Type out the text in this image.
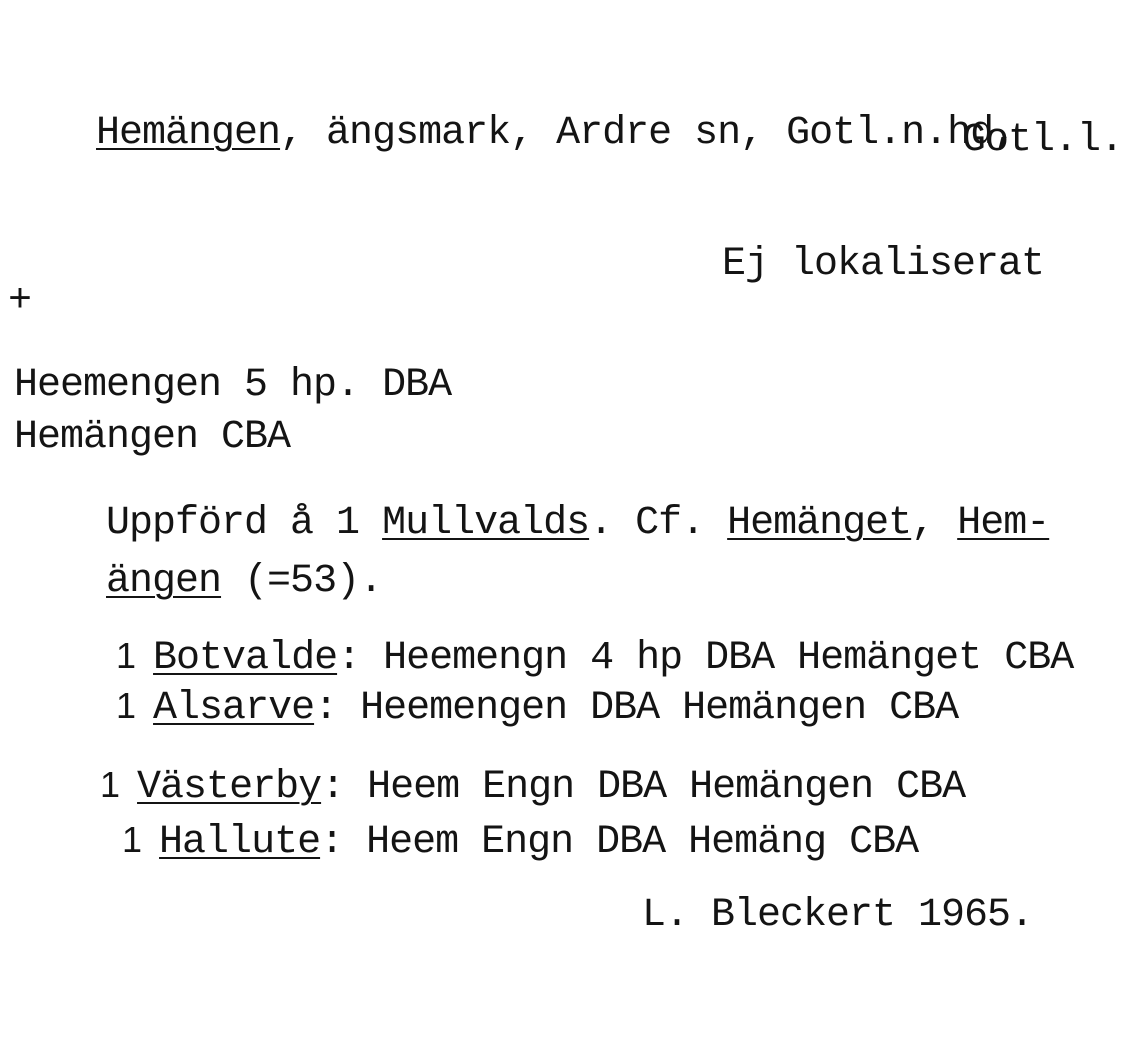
Hemängen, ängsmark, Ardre sn, Gotl.n.hd,

Gotl.l.
Ej lokaliserat
+
Heemengen 5 hp. DBA
Hemängen CBA

Uppförd å 1 Mullvalds. Cf. Hemänget, Hem-

ängen (=53).

1 Botvalde: Heemengn 4 hp DBA Hemänget CBA

1 Alsarve: Heemengen DBA Hemängen CBA

1 Västerby: Heem Engn DBA Hemängen CBA

1 Hallute: Heem Engn DBA Hemäng CBA

L. Bleckert 1965.
